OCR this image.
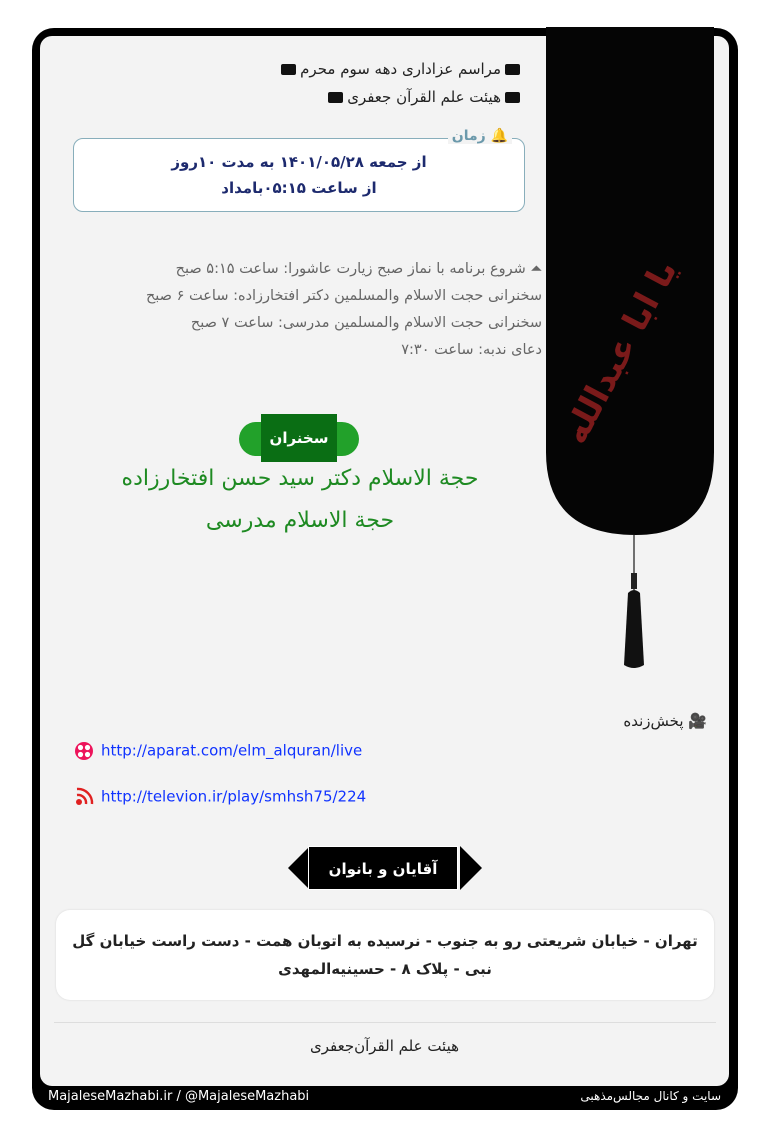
مراسم عزاداری دهه سوم محرم
هیئت علم القرآن جعفری
🔔 زمان
از جمعه ۱۴۰۱/۰۵/۲۸ به مدت ۱۰روز
از ساعت ۰۵:۱۵بامداد
⏶ شروع برنامه با نماز صبح زیارت عاشورا: ساعت ۵:۱۵ صبح
سخنرانی حجت الاسلام والمسلمین دکتر افتخارزاده: ساعت ۶ صبح
سخنرانی حجت الاسلام والمسلمین مدرسی: ساعت ۷ صبح
دعای ندبه: ساعت ۷:۳۰
سخنران
حجة الاسلام دکتر سید حسن افتخارزاده
حجة الاسلام مدرسی
یا ابا عبدالله
🎥 پخش‌زنده
http://aparat.com/elm_alquran/live
http://televion.ir/play/smhsh75/224
آقایان و بانوان
تهران - خیابان شریعتی رو به جنوب - نرسیده به اتوبان همت - دست راست خیابان گل
نبی - پلاک ۸ - حسینیه‌المهدی
هیئت علم القرآن‌جعفری
MajaleseMazhabi.ir / @MajaleseMazhabi	سایت و کانال مجالس‌مذهبی
